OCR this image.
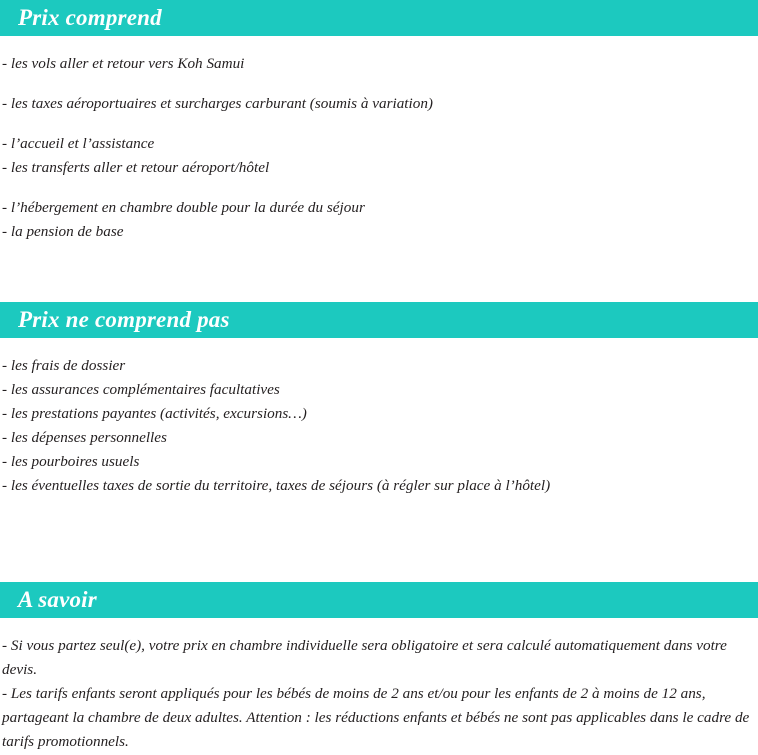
Prix comprend
- les vols aller et retour vers Koh Samui
- les taxes aéroportuaires et surcharges carburant (soumis à variation)
- l’accueil et l’assistance
- les transferts aller et retour aéroport/hôtel
- l’hébergement en chambre double pour la durée du séjour
- la pension de base
Prix ne comprend pas
- les frais de dossier
- les assurances complémentaires facultatives
- les prestations payantes (activités, excursions…)
- les dépenses personnelles
- les pourboires usuels
- les éventuelles taxes de sortie du territoire, taxes de séjours (à régler sur place à l’hôtel)
A savoir
- Si vous partez seul(e), votre prix en chambre individuelle sera obligatoire et sera calculé automatiquement dans votre devis.
- Les tarifs enfants seront appliqués pour les bébés de moins de 2 ans et/ou pour les enfants de 2 à moins de 12 ans, partageant la chambre de deux adultes. Attention : les réductions enfants et bébés ne sont pas applicables dans le cadre de tarifs promotionnels.
